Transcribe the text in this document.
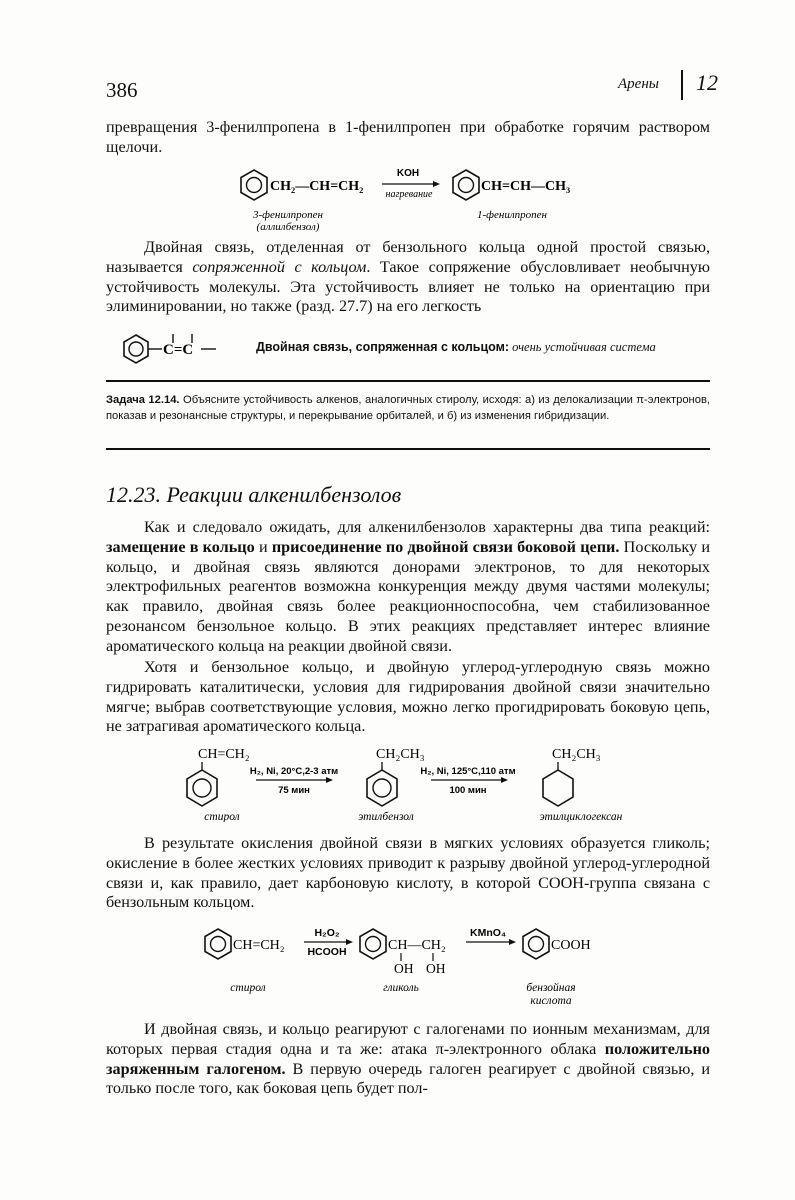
386	Арены 12

превращения 3-фенилпропена в 1-фенилпропен при обработке горячим раствором щелочи.

CH₂—CH=CH₂
KOH
нагревание
CH=CH—CH₃
3-фенилпропен
(аллилбензол)
1-фенилпропен

Двойная связь, отделенная от бензольного кольца одной простой связью, называется сопряженной с кольцом. Такое сопряжение обусловливает необычную устойчивость молекулы. Эта устойчивость влияет не только на ориентацию при элиминировании, но также (разд. 27.7) на его легкость

C=C	Двойная связь, сопряженная с кольцом: очень устойчивая система
Задача 12.14. Объясните устойчивость алкенов, аналогичных стиролу, исходя: а) из делокализации π-электронов, показав и резонансные структуры, и перекрывание орбиталей, и б) из изменения гибридизации.
12.23. Реакции алкенилбензолов

Как и следовало ожидать, для алкенилбензолов характерны два типа реакций: замещение в кольцо и присоединение по двойной связи боковой цепи. Поскольку и кольцо, и двойная связь являются донорами электронов, то для некоторых электрофильных реагентов возможна конкуренция между двумя частями молекулы; как правило, двойная связь более реакционноспособна, чем стабилизованное резонансом бензольное кольцо. В этих реакциях представляет интерес влияние ароматического кольца на реакции двойной связи.

Хотя и бензольное кольцо, и двойную углерод-углеродную связь можно гидрировать каталитически, условия для гидрирования двойной связи значительно мягче; выбрав соответствующие условия, можно легко прогидрировать боковую цепь, не затрагивая ароматического кольца.

CH=CH₂
H₂, Ni, 20°C,2-3 атм
75 мин
CH₂CH₃
H₂, Ni, 125°C,110 атм
100 мин
CH₂CH₃
стирол	этилбензол	этилциклогексан

В результате окисления двойной связи в мягких условиях образуется гликоль; окисление в более жестких условиях приводит к разрыву двойной углерод-углеродной связи и, как правило, дает карбоновую кислоту, в которой СООН-группа связана с бензольным кольцом.

CH=CH₂
H₂O₂
HCOOH	CH—CH₂
OH OH
KMnO₄
COOH
стирол	гликоль	бензойная
кислота

И двойная связь, и кольцо реагируют с галогенами по ионным механизмам, для которых первая стадия одна и та же: атака π-электронного облака положительно заряженным галогеном. В первую очередь галоген реагирует с двойной связью, и только после того, как боковая цепь будет пол-
